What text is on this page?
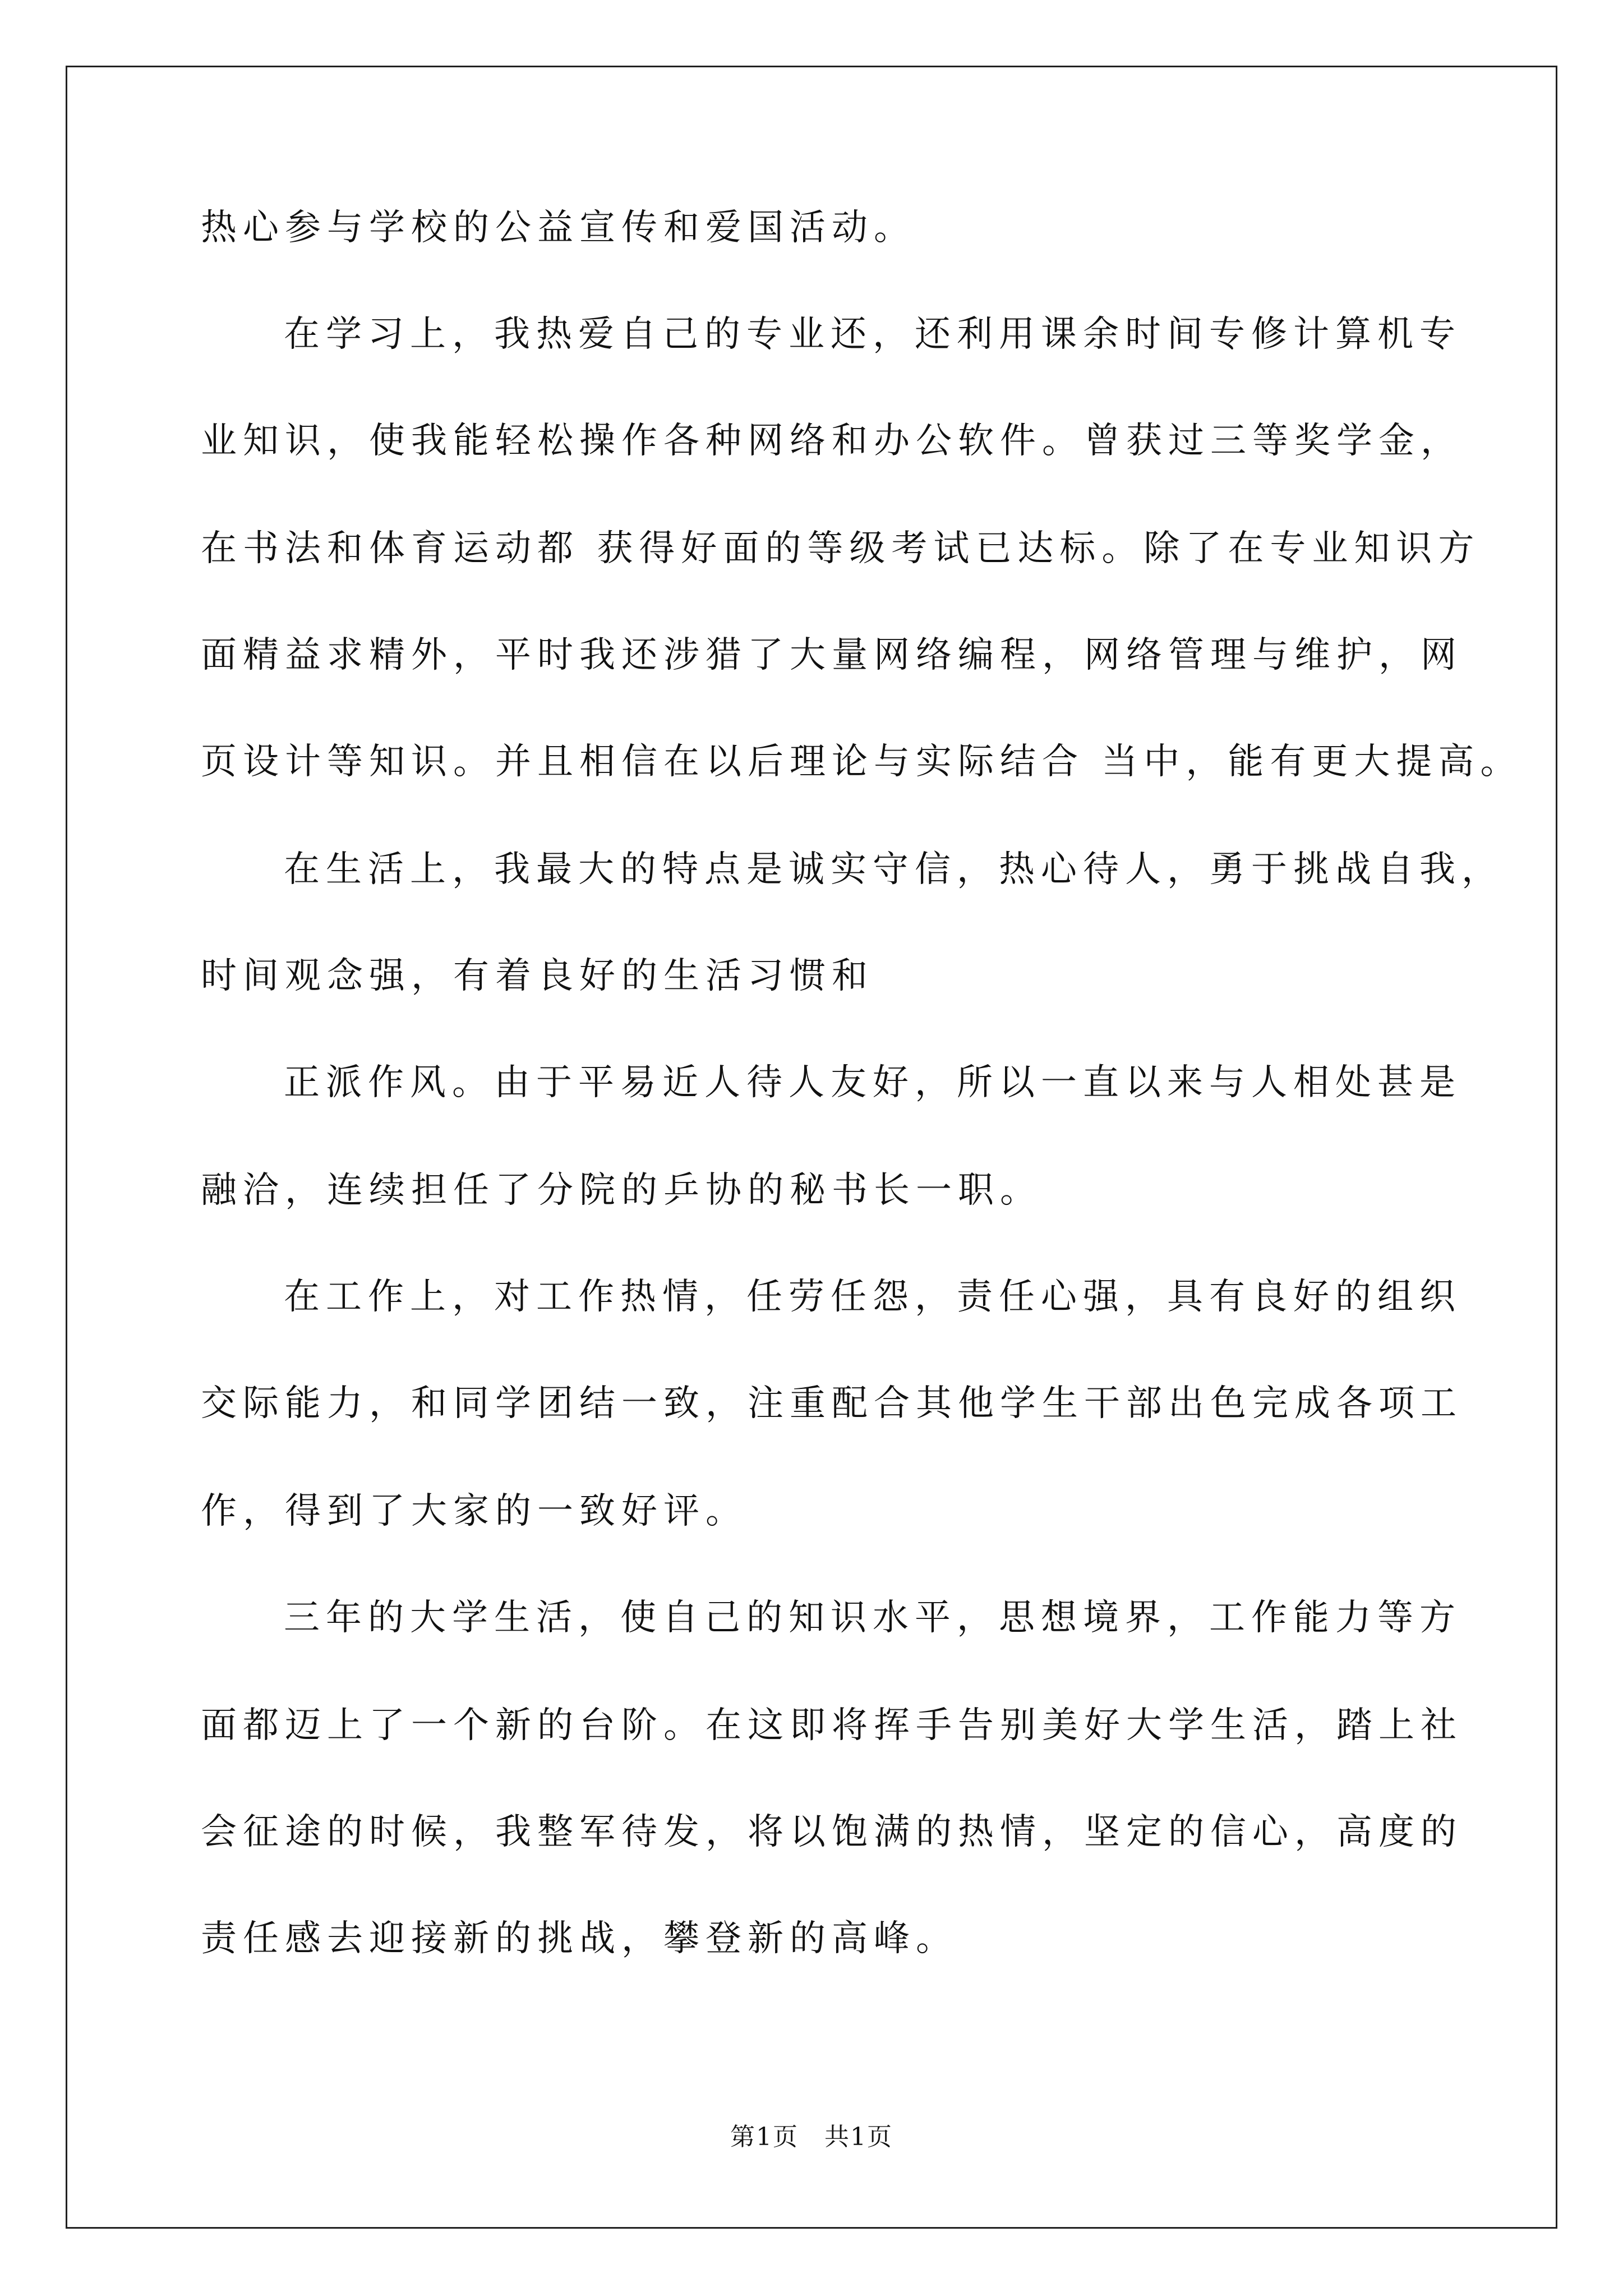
热心参与学校的公益宣传和爱国活动。
在学习上，我热爱自己的专业还，还利用课余时间专修计算机专
业知识，使我能轻松操作各种网络和办公软件。曾获过三等奖学金，
在书法和体育运动都 获得好面的等级考试已达标。除了在专业知识方
面精益求精外，平时我还涉猎了大量网络编程，网络管理与维护，网
页设计等知识。并且相信在以后理论与实际结合 当中，能有更大提高。
在生活上，我最大的特点是诚实守信，热心待人，勇于挑战自我，
时间观念强，有着良好的生活习惯和
正派作风。由于平易近人待人友好，所以一直以来与人相处甚是
融洽，连续担任了分院的乒协的秘书长一职。
在工作上，对工作热情，任劳任怨，责任心强，具有良好的组织
交际能力，和同学团结一致，注重配合其他学生干部出色完成各项工
作，得到了大家的一致好评。
三年的大学生活，使自己的知识水平，思想境界，工作能力等方
面都迈上了一个新的台阶。在这即将挥手告别美好大学生活，踏上社
会征途的时候，我整军待发，将以饱满的热情，坚定的信心，高度的
责任感去迎接新的挑战，攀登新的高峰。
第1页　共1页
